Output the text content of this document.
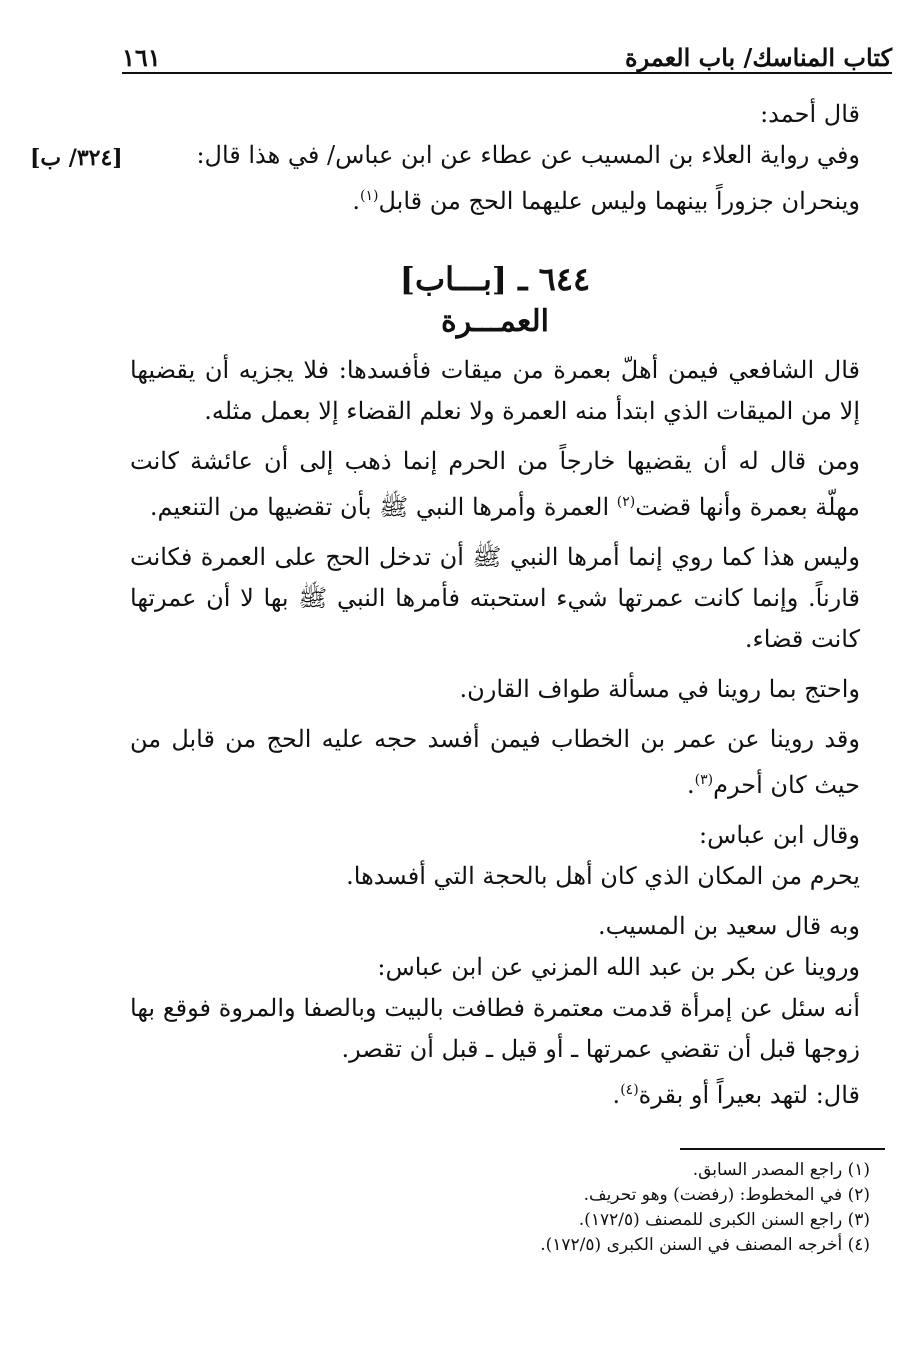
كتاب المناسك/ باب العمرة
١٦١
[٣٢٤/ ب]

قال أحمد:

وفي رواية العلاء بن المسيب عن عطاء عن ابن عباس/ في هذا قال:

وينحران جزوراً بينهما وليس عليهما الحج من قابل$^{(١)}$.

٦٤٤ ـ [بـــاب]
العمـــرة

قال الشافعي فيمن أهلّ بعمرة من ميقات فأفسدها: فلا يجزيه أن يقضيها إلا من الميقات الذي ابتدأ منه العمرة ولا نعلم القضاء إلا بعمل مثله.

ومن قال له أن يقضيها خارجاً من الحرم إنما ذهب إلى أن عائشة كانت مهلّة بعمرة وأنها قضت$^{(٢)}$ العمرة وأمرها النبي ﷺ بأن تقضيها من التنعيم.

وليس هذا كما روي إنما أمرها النبي ﷺ أن تدخل الحج على العمرة فكانت قارناً. وإنما كانت عمرتها شيء استحبته فأمرها النبي ﷺ بها لا أن عمرتها كانت قضاء.

واحتج بما روينا في مسألة طواف القارن.

وقد روينا عن عمر بن الخطاب فيمن أفسد حجه عليه الحج من قابل من حيث كان أحرم$^{(٣)}$.

وقال ابن عباس:

يحرم من المكان الذي كان أهل بالحجة التي أفسدها.

وبه قال سعيد بن المسيب.

وروينا عن بكر بن عبد الله المزني عن ابن عباس:

أنه سئل عن إمرأة قدمت معتمرة فطافت بالبيت وبالصفا والمروة فوقع بها زوجها قبل أن تقضي عمرتها ـ أو قيل ـ قبل أن تقصر.

قال: لتهد بعيراً أو بقرة$^{(٤)}$.

(١) راجع المصدر السابق.

(٢) في المخطوط: (رفضت) وهو تحريف.

(٣) راجع السنن الكبرى للمصنف (١٧٢/٥).

(٤) أخرجه المصنف في السنن الكبرى (١٧٢/٥).
